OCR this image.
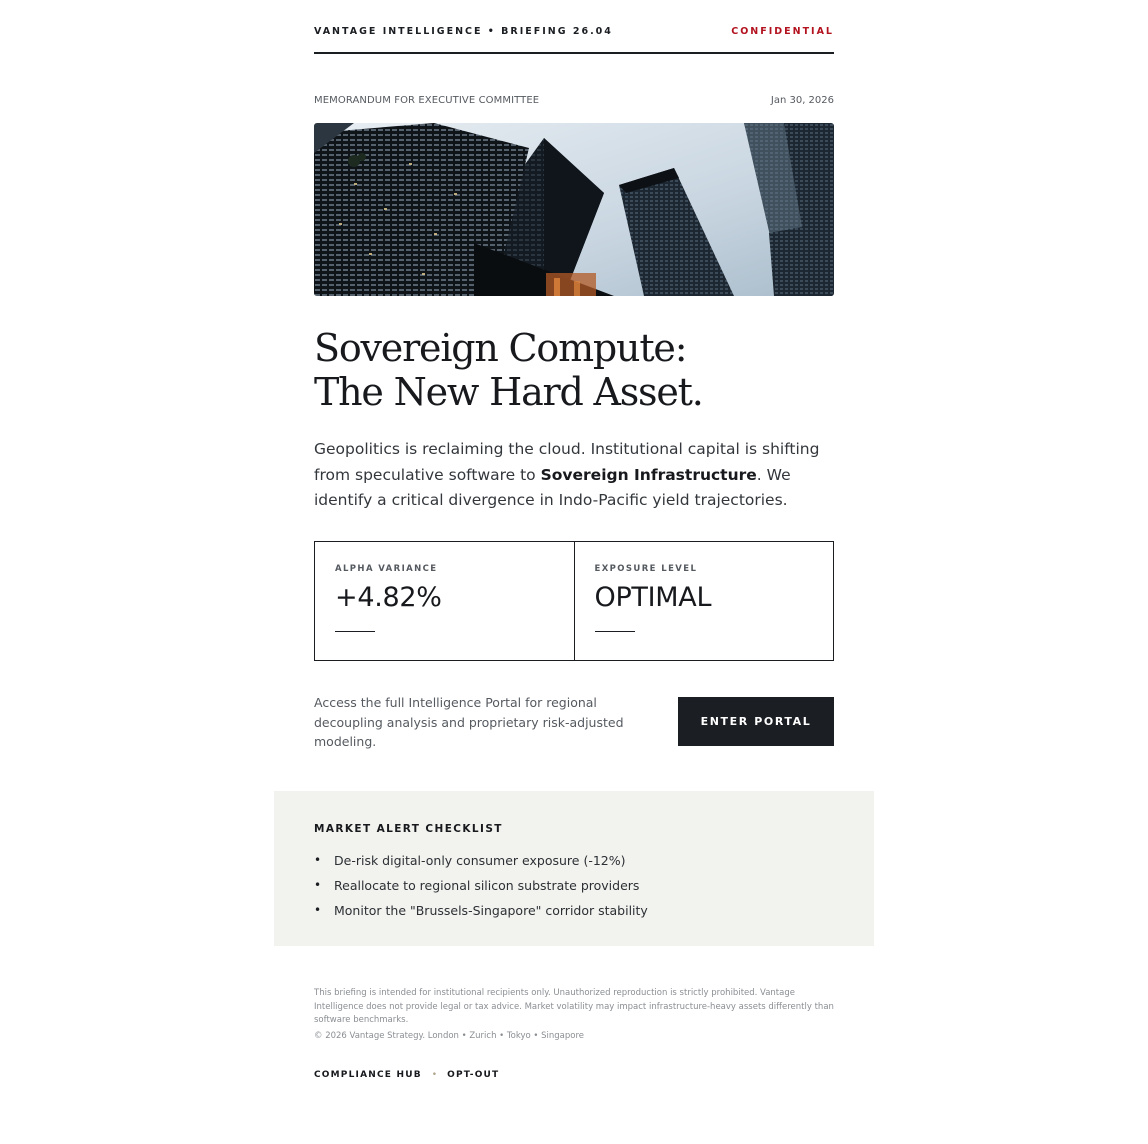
VANTAGE INTELLIGENCE • BRIEFING 26.04	CONFIDENTIAL
MEMORANDUM FOR EXECUTIVE COMMITTEE	Jan 30, 2026
Sovereign Compute:
The New Hard Asset.

Geopolitics is reclaiming the cloud. Institutional capital is shifting from speculative software to Sovereign Infrastructure. We identify a critical divergence in Indo-Pacific yield trajectories.

ALPHA VARIANCE
+4.82%
EXPOSURE LEVEL
OPTIMAL
Access the full Intelligence Portal for regional decoupling analysis and proprietary risk-adjusted modeling.
ENTER PORTAL
MARKET ALERT CHECKLIST
• De-risk digital-only consumer exposure (-12%)
• Reallocate to regional silicon substrate providers
• Monitor the "Brussels-Singapore" corridor stability
This briefing is intended for institutional recipients only. Unauthorized reproduction is strictly prohibited. Vantage Intelligence does not provide legal or tax advice. Market volatility may impact infrastructure-heavy assets differently than software benchmarks.
© 2026 Vantage Strategy. London • Zurich • Tokyo • Singapore
COMPLIANCE HUB • OPT-OUT
